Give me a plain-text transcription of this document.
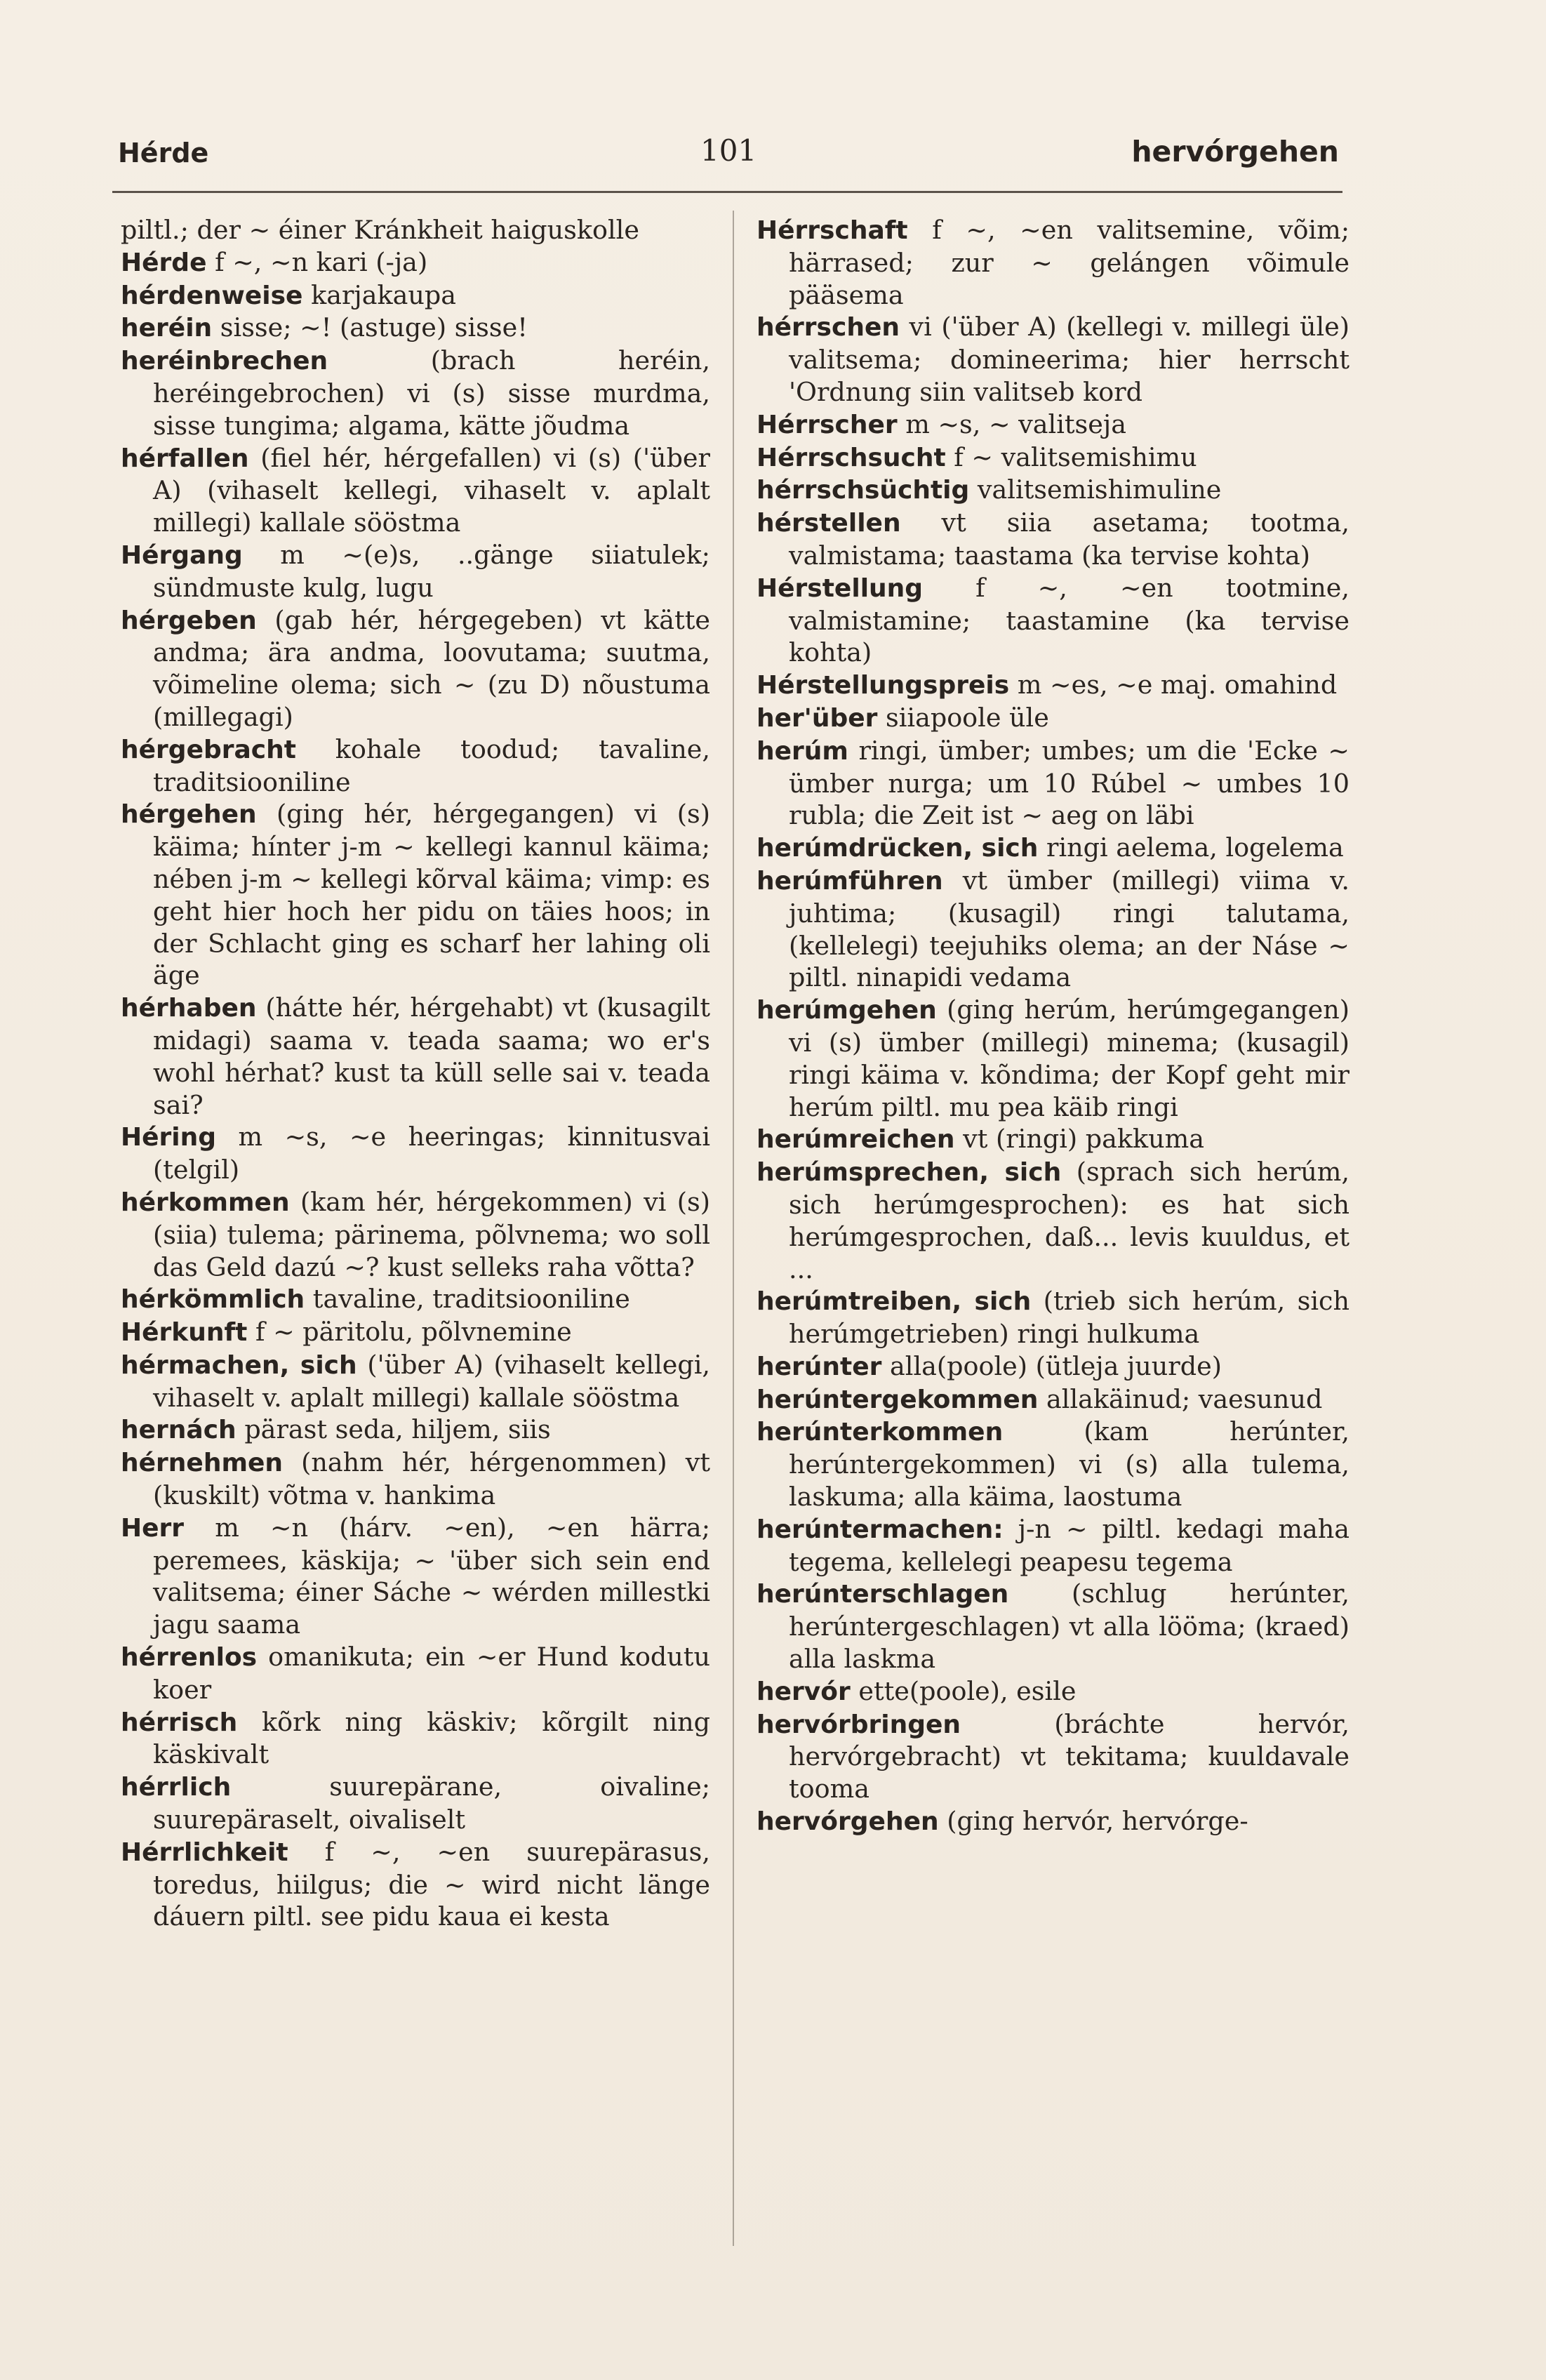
Hérde	101	hervórgehen

piltl.; der ~ éiner Kránkheit haiguskolle

Hérde f ~, ~n kari (-ja)

hérdenweise karjakaupa

heréin sisse; ~! (astuge) sisse!

heréinbrechen	(brach heréin, heréingebrochen) vi (s) sisse murdma, sisse tungima; algama, kätte jõudma

hérfallen (fiel hér, hérgefallen) vi (s) ('über A) (vihaselt kellegi, vihaselt v. aplalt millegi) kallale sööstma

Hérgang m ~(e)s, ..gänge siiatulek; sündmuste kulg, lugu

hérgeben (gab hér, hérgegeben) vt kätte andma; ära andma, loovutama; suutma, võimeline olema; sich ~ (zu D) nõustuma (millegagi)

hérgebracht kohale toodud; tavaline, traditsiooniline

hérgehen (ging hér, hérgegangen) vi (s) käima; hínter j-m ~ kellegi kannul käima; nében j-m ~ kellegi kõrval käima; vimp: es geht hier hoch her pidu on täies hoos; in der Schlacht ging es scharf her lahing oli äge

hérhaben (hátte hér, hérgehabt) vt (kusagilt midagi) saama v. teada saama; wo er's wohl hérhat? kust ta küll selle sai v. teada sai?

Héring m ~s, ~e heeringas; kinnitusvai (telgil)

hérkommen (kam hér, hérgekommen) vi (s) (siia) tulema; pärinema, põlvnema; wo soll das Geld dazú ~? kust selleks raha võtta?

hérkömmlich tavaline, traditsiooniline

Hérkunft f ~ päritolu, põlvnemine

hérmachen, sich ('über A) (vihaselt kellegi, vihaselt v. aplalt millegi) kallale sööstma

hernách pärast seda, hiljem, siis

hérnehmen (nahm hér, hérgenommen) vt (kuskilt) võtma v. hankima

Herr m ~n (hárv. ~en), ~en härra; peremees, käskija; ~ 'über sich sein end valitsema; éiner Sáche ~ wérden millestki jagu saama

hérrenlos omanikuta; ein ~er Hund kodutu koer

hérrisch kõrk ning käskiv; kõrgilt ning käskivalt

hérrlich	suurepärane, oivaline; suurepäraselt, oivaliselt

Hérrlichkeit f ~, ~en suurepärasus, toredus, hiilgus; die ~ wird nicht länge dáuern piltl. see pidu kaua ei kesta

Hérrschaft f ~, ~en valitsemine, võim; härrased; zur ~ gelángen võimule pääsema

hérrschen vi ('über A) (kellegi v. millegi üle) valitsema; domineerima; hier herrscht 'Ordnung siin valitseb kord

Hérrscher m ~s, ~ valitseja

Hérrschsucht f ~ valitsemishimu

hérrschsüchtig valitsemishimuline

hérstellen vt siia asetama; tootma, valmistama; taastama (ka tervise kohta)

Hérstellung f ~, ~en tootmine, valmistamine; taastamine (ka tervise kohta)

Hérstellungspreis m ~es, ~e maj. omahind

her'über siiapoole üle

herúm ringi, ümber; umbes; um die 'Ecke ~ ümber nurga; um 10 Rúbel ~ umbes 10 rubla; die Zeit ist ~ aeg on läbi

herúmdrücken, sich ringi aelema, logelema

herúmführen vt ümber (millegi) viima v. juhtima; (kusagil) ringi talutama, (kellelegi) teejuhiks olema; an der Náse ~ piltl. ninapidi vedama

herúmgehen (ging herúm, herúmgegangen) vi (s) ümber (millegi) minema; (kusagil) ringi käima v. kõndima; der Kopf geht mir herúm piltl. mu pea käib ringi

herúmreichen vt (ringi) pakkuma

herúmsprechen, sich (sprach sich herúm, sich herúmgesprochen): es hat sich herúmgesprochen, daß... levis kuuldus, et ...

herúmtreiben, sich (trieb sich herúm, sich herúmgetrieben) ringi hulkuma

herúnter alla(poole) (ütleja juurde)

herúntergekommen allakäinud; vaesunud

herúnterkommen	(kam herúnter, herúntergekommen) vi (s) alla tulema, laskuma; alla käima, laostuma

herúntermachen: j-n ~ piltl. kedagi maha tegema, kellelegi peapesu tegema

herúnterschlagen (schlug herúnter, herúntergeschlagen) vt alla lööma; (kraed) alla laskma

hervór ette(poole), esile

hervórbringen	(bráchte hervór, hervórgebracht) vt tekitama; kuuldavale tooma

hervórgehen (ging hervór, hervórge-
